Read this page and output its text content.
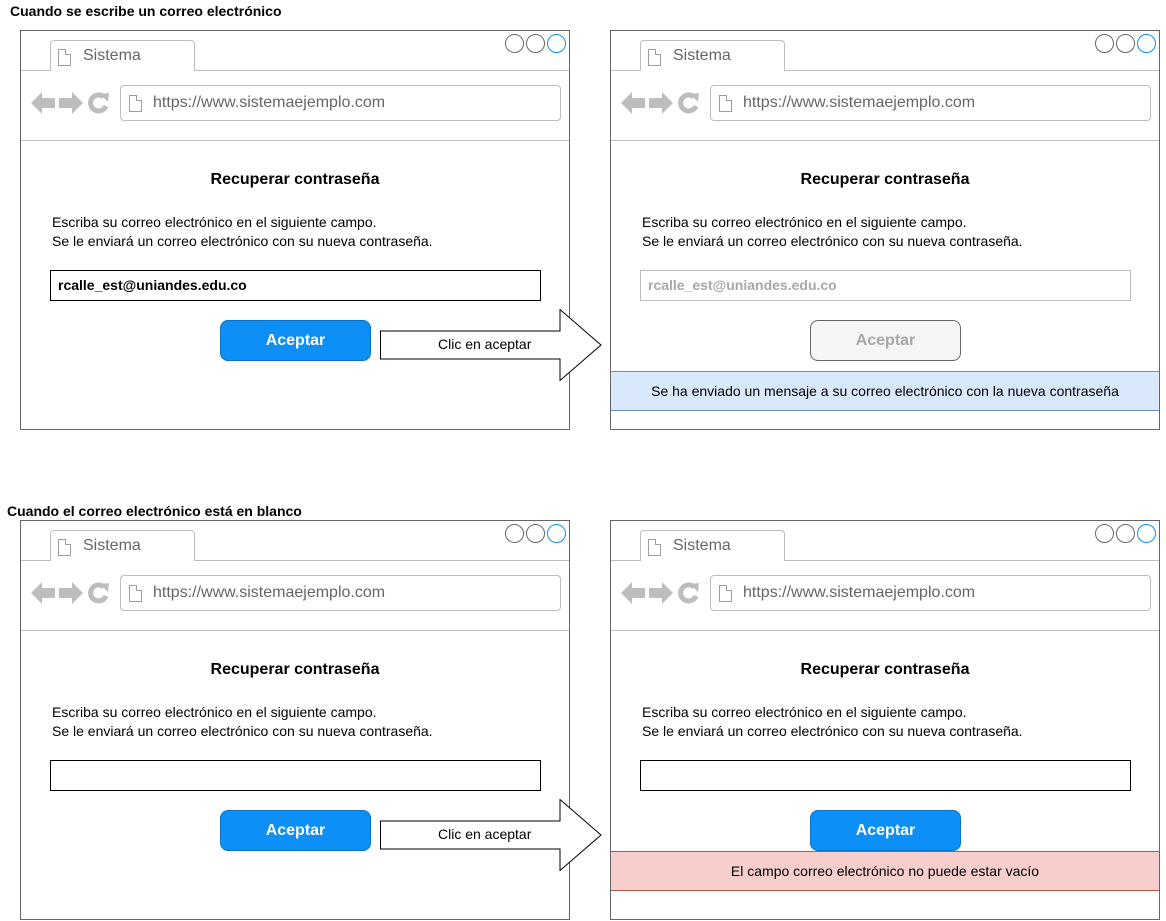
Cuando se escribe un correo electrónico
Cuando el correo electrónico está en blanco
Sistema
https://www.sistemaejemplo.com
Recuperar contraseña
Escriba su correo electrónico en el siguiente campo.
Se le enviará un correo electrónico con su nueva contraseña.
rcalle_est@uniandes.edu.co
Aceptar
Sistema
https://www.sistemaejemplo.com
Recuperar contraseña
Escriba su correo electrónico en el siguiente campo.
Se le enviará un correo electrónico con su nueva contraseña.
rcalle_est@uniandes.edu.co
Aceptar
Se ha enviado un mensaje a su correo electrónico con la nueva contraseña
Clic en aceptar
Sistema
https://www.sistemaejemplo.com
Recuperar contraseña
Escriba su correo electrónico en el siguiente campo.
Se le enviará un correo electrónico con su nueva contraseña.
Aceptar
Sistema
https://www.sistemaejemplo.com
Recuperar contraseña
Escriba su correo electrónico en el siguiente campo.
Se le enviará un correo electrónico con su nueva contraseña.
Aceptar
El campo correo electrónico no puede estar vacío
Clic en aceptar
